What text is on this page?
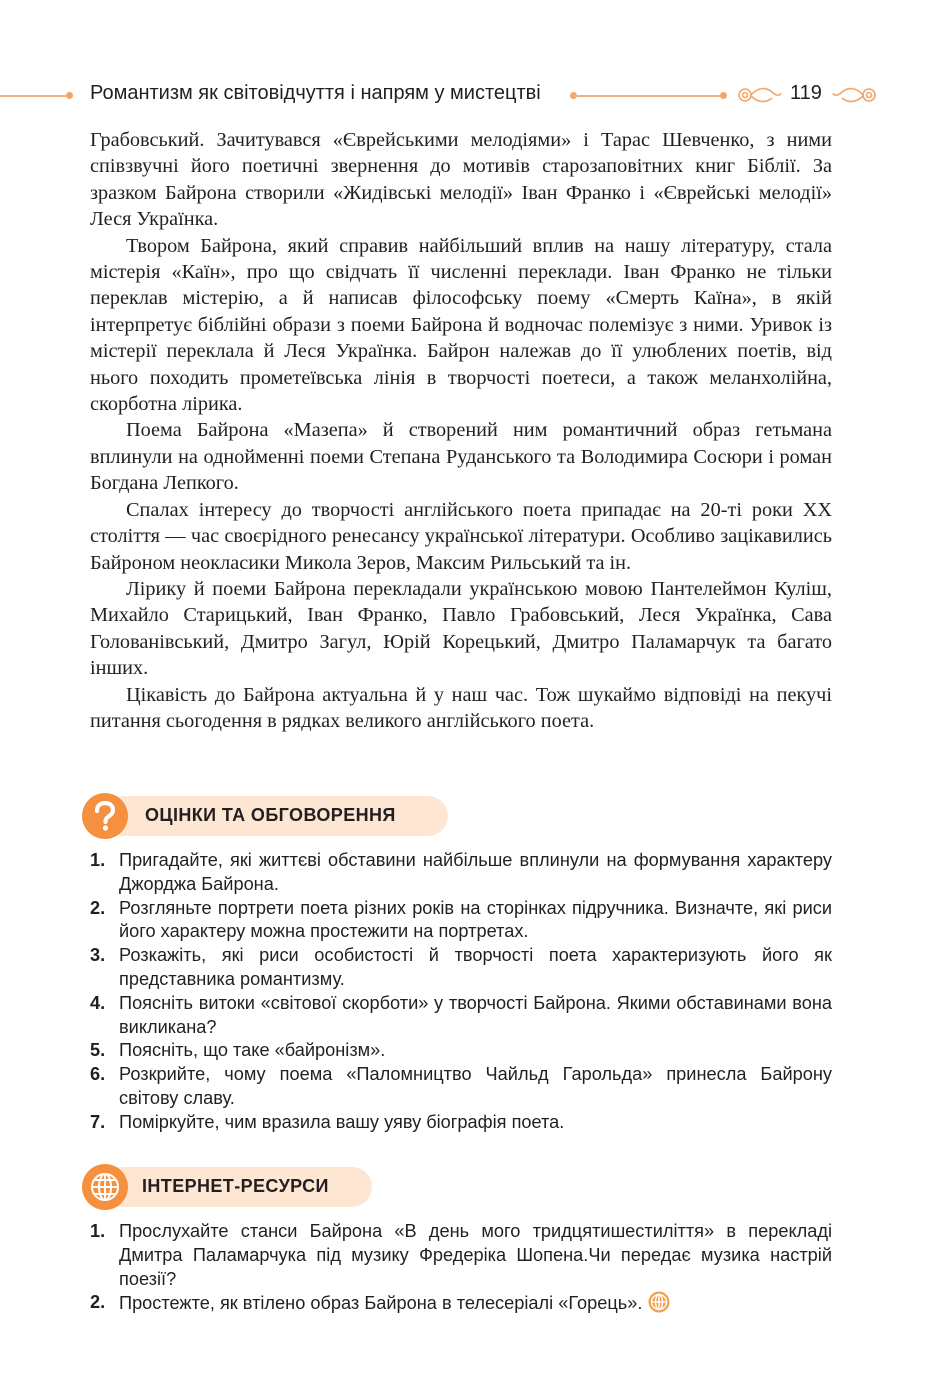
Романтизм як світовідчуття і напрям у мистецтві	119

Грабовський. Зачитувався «Єврейськими мелодіями» і Тарас Шевченко, з ними співзвучні його поетичні звернення до мотивів старозаповітних книг Біблії. За зразком Байрона створили «Жидівські мелодії» Іван Франко і «Єврейські мелодії» Леся Українка.

Твором Байрона, який справив найбільший вплив на нашу літературу, стала містерія «Каїн», про що свідчать її численні переклади. Іван Франко не тільки переклав містерію, а й написав філософську поему «Смерть Каїна», в якій інтерпретує біблійні образи з поеми Байрона й водночас полемізує з ними. Уривок із містерії переклала й Леся Українка. Байрон належав до її улюблених поетів, від нього походить прометеївська лінія в творчості поетеси, а також меланхолійна, скорботна лірика.

Поема Байрона «Мазепа» й створений ним романтичний образ гетьмана вплинули на однойменні поеми Степана Руданського та Володимира Сосюри і роман Богдана Лепкого.

Спалах інтересу до творчості англійського поета припадає на 20-ті роки XX століття — час своєрідного ренесансу української літератури. Особливо зацікавились Байроном неокласики Микола Зеров, Максим Рильський та ін.

Лірику й поеми Байрона перекладали українською мовою Пантелеймон Куліш, Михайло Старицький, Іван Франко, Павло Грабовський, Леся Українка, Сава Голованівський, Дмитро Загул, Юрій Корецький, Дмитро Паламарчук та багато інших.

Цікавість до Байрона актуальна й у наш час. Тож шукаймо відповіді на пекучі питання сьогодення в рядках великого англійського поета.

ОЦІНКИ ТА ОБГОВОРЕННЯ
1. Пригадайте, які життєві обставини найбільше вплинули на формування характеру Джорджа Байрона.
2. Розгляньте портрети поета різних років на сторінках підручника. Визначте, які риси його характеру можна простежити на портретах.
3. Розкажіть, які риси особистості й творчості поета характеризують його як представника романтизму.
4. Поясніть витоки «світової скорботи» у творчості Байрона. Якими обставинами вона викликана?
5. Поясніть, що таке «байронізм».
6. Розкрийте, чому поема «Паломництво Чайльд Гарольда» принесла Байрону світову славу.
7. Поміркуйте, чим вразила вашу уяву біографія поета.
ІНТЕРНЕТ-РЕСУРСИ
1. Прослухайте станси Байрона «В день мого тридцятишестиліття» в перекладі Дмитра Паламарчука під музику Фредеріка Шопена.Чи передає музика настрій поезії?
2. Простежте, як втілено образ Байрона в телесеріалі «Горець».
